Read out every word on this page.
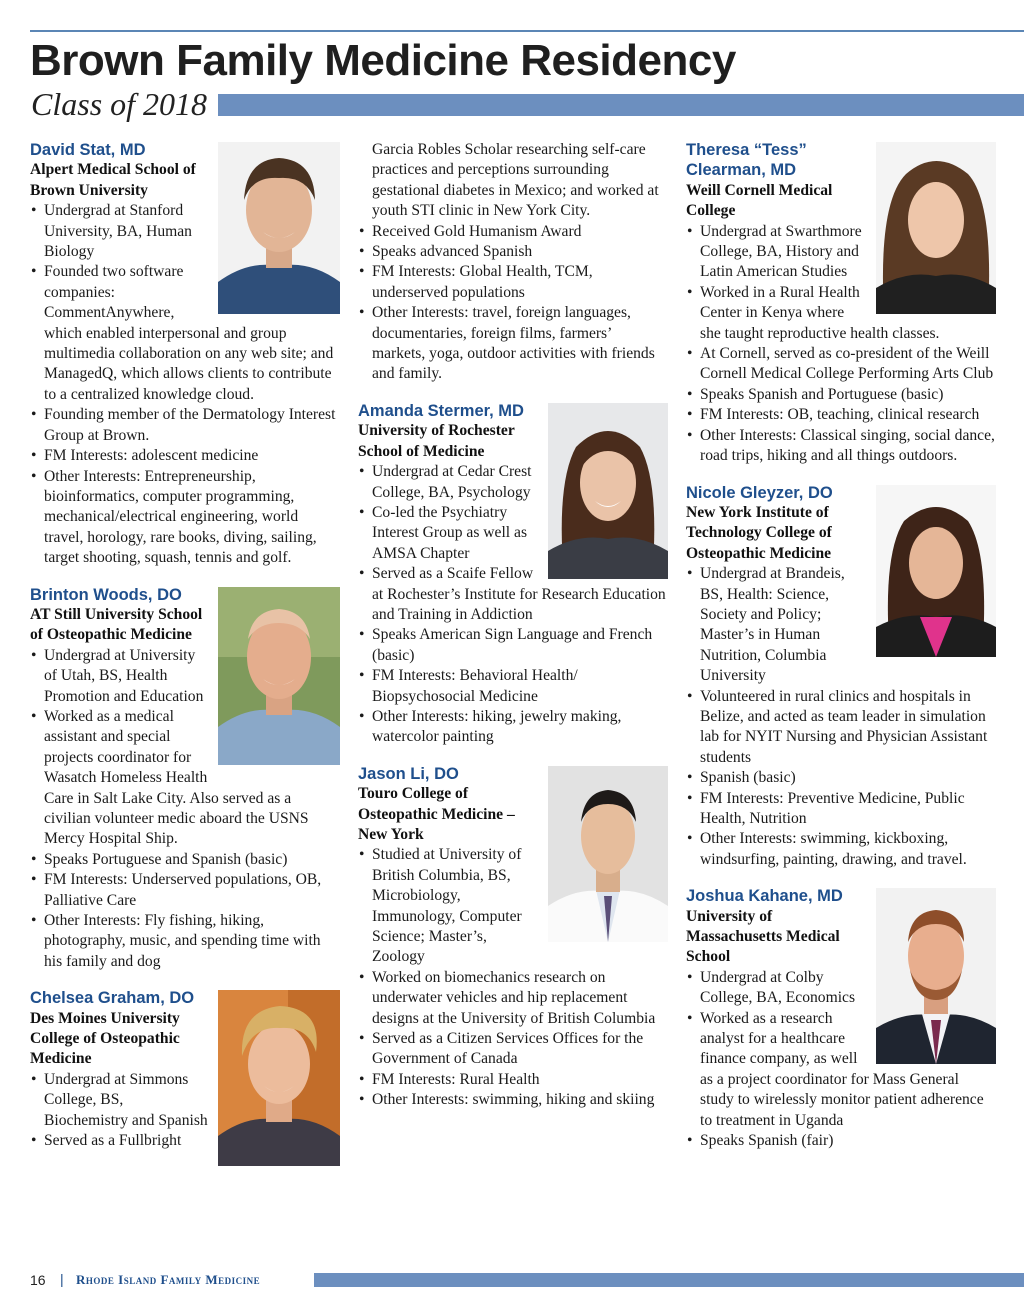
Brown Family Medicine Residency
Class of 2018
David Stat, MD
Alpert Medical School of Brown University
• Undergrad at Stanford University, BA, Human Biology
• Founded two software companies: CommentAnywhere, which enabled interpersonal and group multimedia collaboration on any web site; and ManagedQ, which allows clients to contribute to a centralized knowledge cloud.
• Founding member of the Dermatology Interest Group at Brown.
• FM Interests: adolescent medicine
• Other Interests: Entrepreneurship, bioinformatics, computer programming, mechanical/electrical engineering, world travel, horology, rare books, diving, sailing, target shooting, squash, tennis and golf.
Brinton Woods, DO
AT Still University School of Osteopathic Medicine
• Undergrad at University of Utah, BS, Health Promotion and Education
• Worked as a medical assistant and special projects coordinator for Wasatch Homeless Health Care in Salt Lake City. Also served as a civilian volunteer medic aboard the USNS Mercy Hospital Ship.
• Speaks Portuguese and Spanish (basic)
• FM Interests: Underserved populations, OB, Palliative Care
• Other Interests: Fly fishing, hiking, photography, music, and spending time with his family and dog
Chelsea Graham, DO
Des Moines University College of Osteopathic Medicine
• Undergrad at Simmons College, BS, Biochemistry and Spanish
• Served as a Fullbright
Garcia Robles Scholar researching self-care practices and perceptions surrounding gestational diabetes in Mexico; and worked at youth STI clinic in New York City.
• Received Gold Humanism Award
• Speaks advanced Spanish
• FM Interests: Global Health, TCM, underserved populations
• Other Interests: travel, foreign languages, documentaries, foreign films, farmers’ markets, yoga, outdoor activities with friends and family.
Amanda Stermer, MD
University of Rochester School of Medicine
• Undergrad at Cedar Crest College, BA, Psychology
• Co-led the Psychiatry Interest Group as well as AMSA Chapter
• Served as a Scaife Fellow at Rochester’s Institute for Research Education and Training in Addiction
• Speaks American Sign Language and French (basic)
• FM Interests: Behavioral Health/ Biopsychosocial Medicine
• Other Interests: hiking, jewelry making, watercolor painting
Jason Li, DO
Touro College of Osteopathic Medicine – New York
• Studied at University of British Columbia, BS, Microbiology, Immunology, Computer Science; Master’s, Zoology
• Worked on biomechanics research on underwater vehicles and hip replacement designs at the University of British Columbia
• Served as a Citizen Services Offices for the Government of Canada
• FM Interests: Rural Health
• Other Interests: swimming, hiking and skiing
Theresa “Tess” Clearman, MD
Weill Cornell Medical College
• Undergrad at Swarthmore College, BA, History and Latin American Studies
• Worked in a Rural Health Center in Kenya where she taught reproductive health classes.
• At Cornell, served as co-president of the Weill Cornell Medical College Performing Arts Club
• Speaks Spanish and Portuguese (basic)
• FM Interests: OB, teaching, clinical research
• Other Interests: Classical singing, social dance, road trips, hiking and all things outdoors.
Nicole Gleyzer, DO
New York Institute of Technology College of Osteopathic Medicine
• Undergrad at Brandeis, BS, Health: Science, Society and Policy; Master’s in Human Nutrition, Columbia University
• Volunteered in rural clinics and hospitals in Belize, and acted as team leader in simulation lab for NYIT Nursing and Physician Assistant students
• Spanish (basic)
• FM Interests: Preventive Medicine, Public Health, Nutrition
• Other Interests: swimming, kickboxing, windsurfing, painting, drawing, and travel.
Joshua Kahane, MD
University of Massachusetts Medical School
• Undergrad at Colby College, BA, Economics
• Worked as a research analyst for a healthcare finance company, as well as a project coordinator for Mass General study to wirelessly monitor patient adherence to treatment in Uganda
• Speaks Spanish (fair)
16 | Rhode Island Family Medicine
